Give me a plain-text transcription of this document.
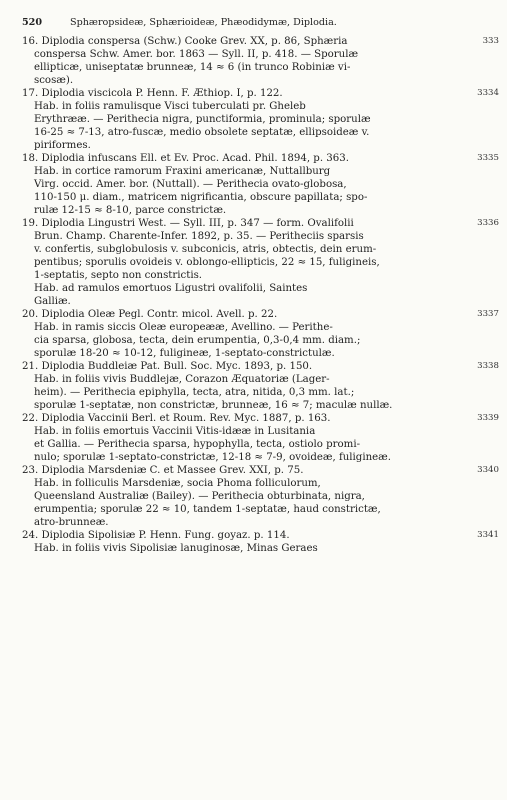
520	Sphæropsideæ, Sphærioideæ, Phæodidymæ, Diplodia.
16. Diplodia conspersa (Schw.) Cooke Grev. XX, p. 86, Sphæria	333
conspersa Schw. Amer. bor. 1863 — Syll. II, p. 418. — Sporulæ
ellipticæ, uniseptatæ brunneæ, 14 ≈ 6 (in trunco Robiniæ vi-
scosæ).
17. Diplodia viscicola P. Henn. F. Æthiop. I, p. 122.	3334
Hab. in foliis ramulisque Visci tuberculati pr. Gheleb
Erythrææ. — Perithecia nigra, punctiformia, prominula; sporulæ
16-25 ≈ 7-13, atro-fuscæ, medio obsolete septatæ, ellipsoideæ v.
piriformes.
18. Diplodia infuscans Ell. et Ev. Proc. Acad. Phil. 1894, p. 363.	3335
Hab. in cortice ramorum Fraxini americanæ, Nuttallburg
Virg. occid. Amer. bor. (Nuttall). — Perithecia ovato-globosa,
110-150 μ. diam., matricem nigrificantia, obscure papillata; spo-
rulæ 12-15 ≈ 8-10, parce constrictæ.
19. Diplodia Lingustri West. — Syll. III, p. 347 — form. Ovalifolii	3336
Brun. Champ. Charente-Infer. 1892, p. 35. — Peritheciis sparsis
v. confertis, subglobulosis v. subconicis, atris, obtectis, dein erum-
pentibus; sporulis ovoideis v. oblongo-ellipticis, 22 ≈ 15, fuligineis,
1-septatis, septo non constrictis.
Hab. ad ramulos emortuos Ligustri ovalifolii, Saintes
Galliæ.
20. Diplodia Oleæ Pegl. Contr. micol. Avell. p. 22.	3337
Hab. in ramis siccis Oleæ europeææ, Avellino. — Perithe-
cia sparsa, globosa, tecta, dein erumpentia, 0,3-0,4 mm. diam.;
sporulæ 18-20 ≈ 10-12, fuligineæ, 1-septato-constrictulæ.
21. Diplodia Buddleiæ Pat. Bull. Soc. Myc. 1893, p. 150.	3338
Hab. in foliis vivis Buddlejæ, Corazon Æquatoriæ (Lager-
heim). — Perithecia epiphylla, tecta, atra, nitida, 0,3 mm. lat.;
sporulæ 1-septatæ, non constrictæ, brunneæ, 16 ≈ 7; maculæ nullæ.
22. Diplodia Vaccinii Berl. et Roum. Rev. Myc. 1887, p. 163.	3339
Hab. in foliis emortuis Vaccinii Vitis-idææ in Lusitania
et Gallia. — Perithecia sparsa, hypophylla, tecta, ostiolo promi-
nulo; sporulæ 1-septato-constrictæ, 12-18 ≈ 7-9, ovoideæ, fuligineæ.
23. Diplodia Marsdeniæ C. et Massee Grev. XXI, p. 75.	3340
Hab. in folliculis Marsdeniæ, socia Phoma folliculorum,
Queensland Australiæ (Bailey). — Perithecia obturbinata, nigra,
erumpentia; sporulæ 22 ≈ 10, tandem 1-septatæ, haud constrictæ,
atro-brunneæ.
24. Diplodia Sipolisiæ P. Henn. Fung. goyaz. p. 114.	3341
Hab. in foliis vivis Sipolisiæ lanuginosæ, Minas Geraes
